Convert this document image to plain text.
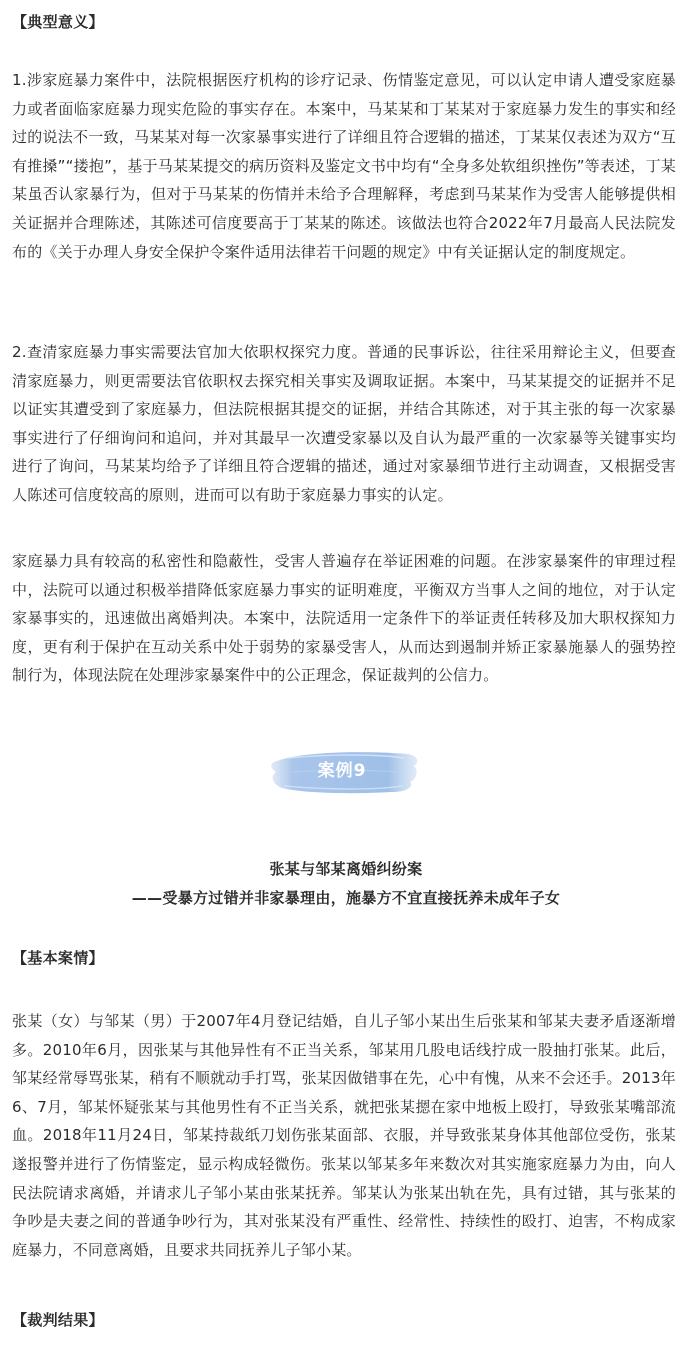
【典型意义】

1.涉家庭暴力案件中，法院根据医疗机构的诊疗记录、伤情鉴定意见，可以认定申请人遭受家庭暴力或者面临家庭暴力现实危险的事实存在。本案中，马某某和丁某某对于家庭暴力发生的事实和经过的说法不一致，马某某对每一次家暴事实进行了详细且符合逻辑的描述，丁某某仅表述为双方“互有推搡”“搂抱”，基于马某某提交的病历资料及鉴定文书中均有“全身多处软组织挫伤”等表述，丁某某虽否认家暴行为，但对于马某某的伤情并未给予合理解释，考虑到马某某作为受害人能够提供相关证据并合理陈述，其陈述可信度要高于丁某某的陈述。该做法也符合2022年7月最高人民法院发布的《关于办理人身安全保护令案件适用法律若干问题的规定》中有关证据认定的制度规定。

2.查清家庭暴力事实需要法官加大依职权探究力度。普通的民事诉讼，往往采用辩论主义，但要查清家庭暴力，则更需要法官依职权去探究相关事实及调取证据。本案中，马某某提交的证据并不足以证实其遭受到了家庭暴力，但法院根据其提交的证据，并结合其陈述，对于其主张的每一次家暴事实进行了仔细询问和追问，并对其最早一次遭受家暴以及自认为最严重的一次家暴等关键事实均进行了询问，马某某均给予了详细且符合逻辑的描述，通过对家暴细节进行主动调查，又根据受害人陈述可信度较高的原则，进而可以有助于家庭暴力事实的认定。

家庭暴力具有较高的私密性和隐蔽性，受害人普遍存在举证困难的问题。在涉家暴案件的审理过程中，法院可以通过积极举措降低家庭暴力事实的证明难度，平衡双方当事人之间的地位，对于认定家暴事实的，迅速做出离婚判决。本案中，法院适用一定条件下的举证责任转移及加大职权探知力度，更有利于保护在互动关系中处于弱势的家暴受害人，从而达到遏制并矫正家暴施暴人的强势控制行为，体现法院在处理涉家暴案件中的公正理念，保证裁判的公信力。

案例9
张某与邹某离婚纠纷案
——受暴方过错并非家暴理由，施暴方不宜直接抚养未成年子女
【基本案情】

张某（女）与邹某（男）于2007年4月登记结婚，自儿子邹小某出生后张某和邹某夫妻矛盾逐渐增多。2010年6月，因张某与其他异性有不正当关系，邹某用几股电话线拧成一股抽打张某。此后，邹某经常辱骂张某，稍有不顺就动手打骂，张某因做错事在先，心中有愧，从来不会还手。2013年6、7月，邹某怀疑张某与其他男性有不正当关系，就把张某摁在家中地板上殴打，导致张某嘴部流血。2018年11月24日，邹某持裁纸刀划伤张某面部、衣服，并导致张某身体其他部位受伤，张某遂报警并进行了伤情鉴定，显示构成轻微伤。张某以邹某多年来数次对其实施家庭暴力为由，向人民法院请求离婚，并请求儿子邹小某由张某抚养。邹某认为张某出轨在先，具有过错，其与张某的争吵是夫妻之间的普通争吵行为，其对张某没有严重性、经常性、持续性的殴打、迫害，不构成家庭暴力，不同意离婚，且要求共同抚养儿子邹小某。

【裁判结果】
